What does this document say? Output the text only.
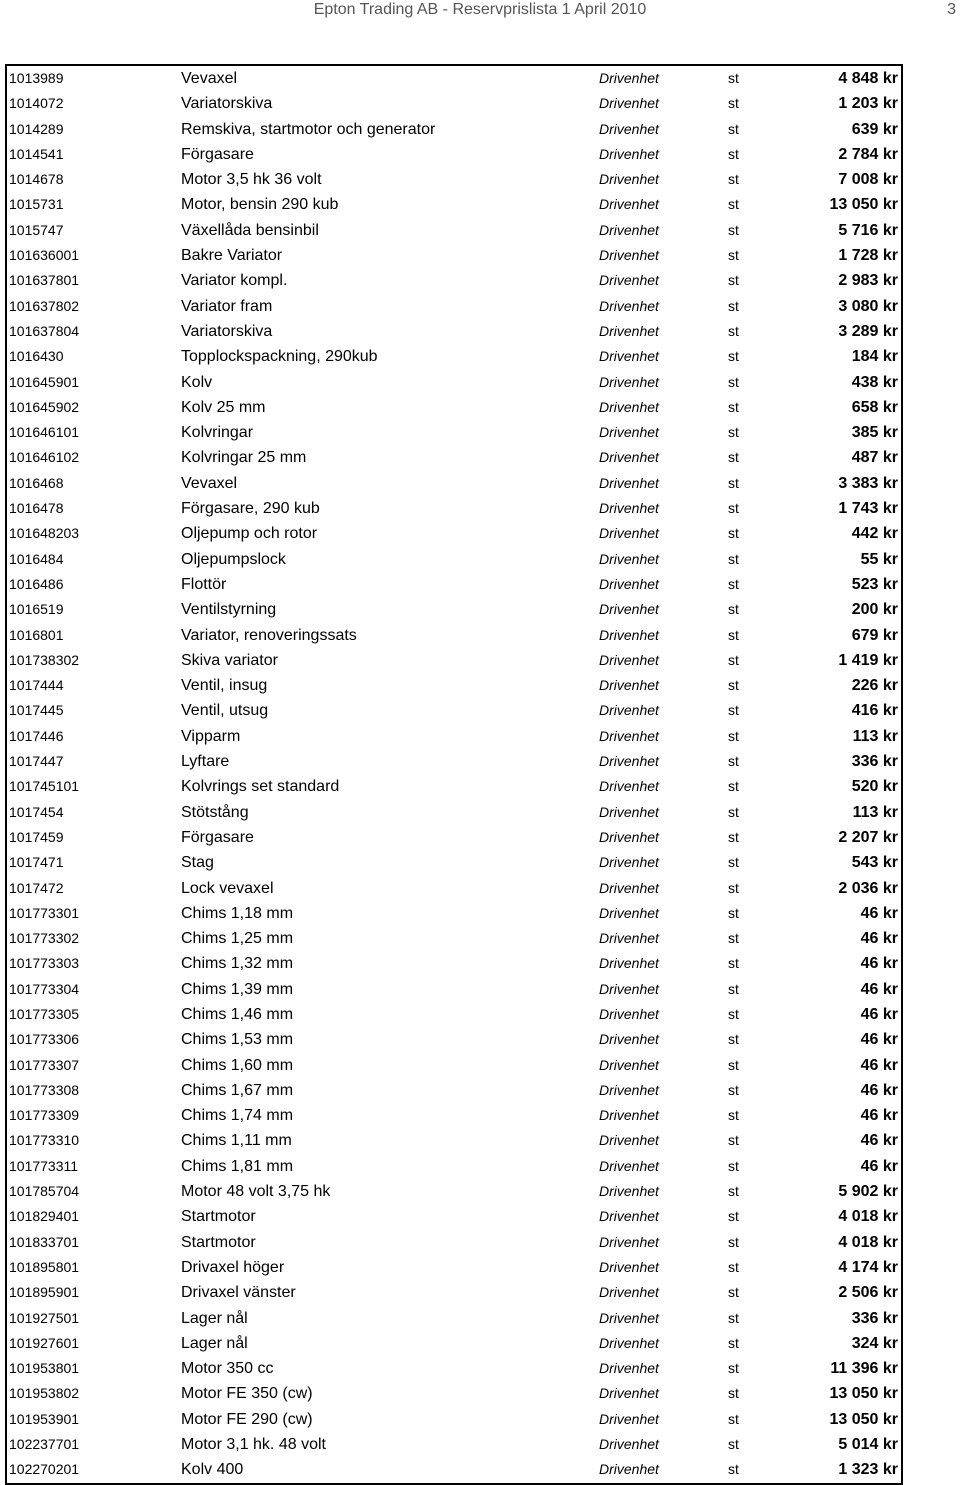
Epton Trading AB - Reservprislista 1 April 2010	3
1013989	Vevaxel	Drivenhet	st	4 848 kr
1014072	Variatorskiva	Drivenhet	st	1 203 kr
1014289	Remskiva, startmotor och generator	Drivenhet	st	639 kr
1014541	Förgasare	Drivenhet	st	2 784 kr
1014678	Motor 3,5 hk 36 volt	Drivenhet	st	7 008 kr
1015731	Motor, bensin 290 kub	Drivenhet	st	13 050 kr
1015747	Växellåda bensinbil	Drivenhet	st	5 716 kr
101636001	Bakre Variator	Drivenhet	st	1 728 kr
101637801	Variator kompl.	Drivenhet	st	2 983 kr
101637802	Variator fram	Drivenhet	st	3 080 kr
101637804	Variatorskiva	Drivenhet	st	3 289 kr
1016430	Topplockspackning, 290kub	Drivenhet	st	184 kr
101645901	Kolv	Drivenhet	st	438 kr
101645902	Kolv 25 mm	Drivenhet	st	658 kr
101646101	Kolvringar	Drivenhet	st	385 kr
101646102	Kolvringar 25 mm	Drivenhet	st	487 kr
1016468	Vevaxel	Drivenhet	st	3 383 kr
1016478	Förgasare, 290 kub	Drivenhet	st	1 743 kr
101648203	Oljepump och rotor	Drivenhet	st	442 kr
1016484	Oljepumpslock	Drivenhet	st	55 kr
1016486	Flottör	Drivenhet	st	523 kr
1016519	Ventilstyrning	Drivenhet	st	200 kr
1016801	Variator, renoveringssats	Drivenhet	st	679 kr
101738302	Skiva variator	Drivenhet	st	1 419 kr
1017444	Ventil, insug	Drivenhet	st	226 kr
1017445	Ventil, utsug	Drivenhet	st	416 kr
1017446	Vipparm	Drivenhet	st	113 kr
1017447	Lyftare	Drivenhet	st	336 kr
101745101	Kolvrings set standard	Drivenhet	st	520 kr
1017454	Stötstång	Drivenhet	st	113 kr
1017459	Förgasare	Drivenhet	st	2 207 kr
1017471	Stag	Drivenhet	st	543 kr
1017472	Lock vevaxel	Drivenhet	st	2 036 kr
101773301	Chims 1,18 mm	Drivenhet	st	46 kr
101773302	Chims 1,25 mm	Drivenhet	st	46 kr
101773303	Chims 1,32 mm	Drivenhet	st	46 kr
101773304	Chims 1,39 mm	Drivenhet	st	46 kr
101773305	Chims 1,46 mm	Drivenhet	st	46 kr
101773306	Chims 1,53 mm	Drivenhet	st	46 kr
101773307	Chims 1,60 mm	Drivenhet	st	46 kr
101773308	Chims 1,67 mm	Drivenhet	st	46 kr
101773309	Chims 1,74 mm	Drivenhet	st	46 kr
101773310	Chims 1,11 mm	Drivenhet	st	46 kr
101773311	Chims 1,81 mm	Drivenhet	st	46 kr
101785704	Motor 48 volt 3,75 hk	Drivenhet	st	5 902 kr
101829401	Startmotor	Drivenhet	st	4 018 kr
101833701	Startmotor	Drivenhet	st	4 018 kr
101895801	Drivaxel höger	Drivenhet	st	4 174 kr
101895901	Drivaxel vänster	Drivenhet	st	2 506 kr
101927501	Lager nål	Drivenhet	st	336 kr
101927601	Lager nål	Drivenhet	st	324 kr
101953801	Motor 350 cc	Drivenhet	st	11 396 kr
101953802	Motor FE 350 (cw)	Drivenhet	st	13 050 kr
101953901	Motor FE 290 (cw)	Drivenhet	st	13 050 kr
102237701	Motor 3,1 hk. 48 volt	Drivenhet	st	5 014 kr
102270201	Kolv 400	Drivenhet	st	1 323 kr
